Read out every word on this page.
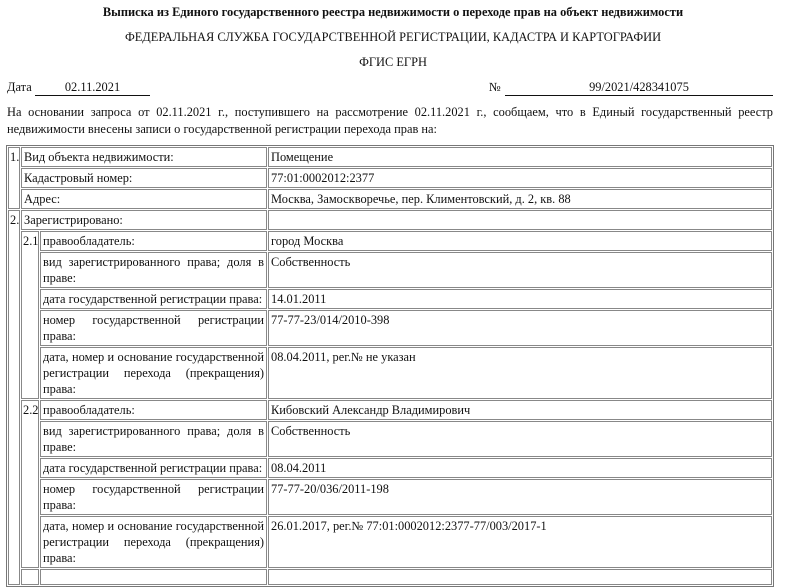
Выписка из Единого государственного реестра недвижимости о переходе прав на объект недвижимости
ФЕДЕРАЛЬНАЯ СЛУЖБА ГОСУДАРСТВЕННОЙ РЕГИСТРАЦИИ, КАДАСТРА И КАРТОГРАФИИ
ФГИС ЕГРН
Дата	02.11.2021	№	99/2021/428341075

На основании запроса от 02.11.2021 г., поступившего на рассмотрение 02.11.2021 г., сообщаем, что в Единый государственный реестр недвижимости внесены записи о государственной регистрации перехода прав на:

1.	Вид объекта недвижимости:		Помещение
	Кадастровый номер:		77:01:0002012:2377
	Адрес:		Москва, Замоскворечье, пер. Климентовский, д. 2, кв. 88
2.	Зарегистрировано:		
	2.1	правообладатель:	город Москва
		вид зарегистрированного права; доля в праве:	Собственность
		дата государственной регистрации права:	14.01.2011
		номер государственной регистрации права:	77-77-23/014/2010-398
		дата, номер и основание государственной регистрации перехода (прекращения) права:	08.04.2011, рег.№ не указан
	2.2	правообладатель:	Кибовский Александр Владимирович
		вид зарегистрированного права; доля в праве:	Собственность
		дата государственной регистрации права:	08.04.2011
		номер государственной регистрации права:	77-77-20/036/2011-198
		дата, номер и основание государственной регистрации перехода (прекращения) права:	26.01.2017, рег.№ 77:01:0002012:2377-77/003/2017-1
